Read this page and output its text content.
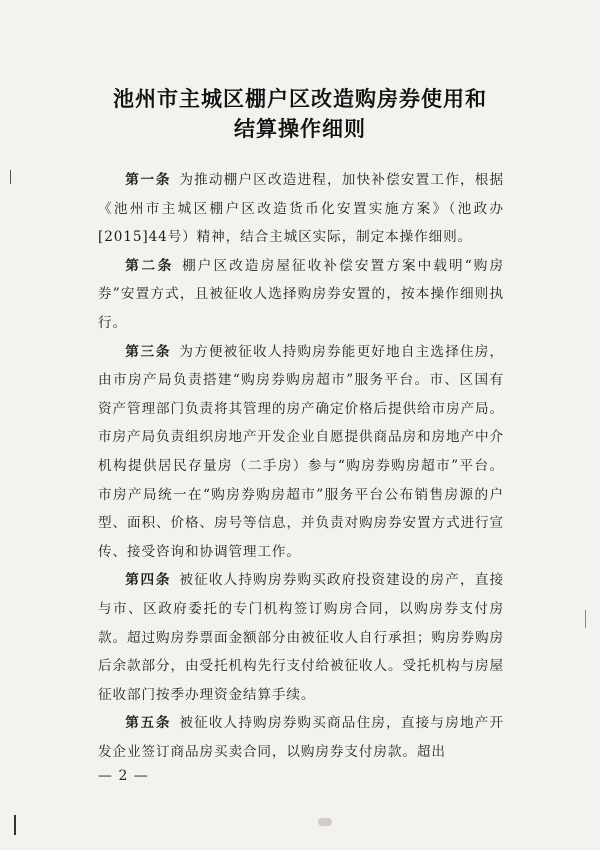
池州市主城区棚户区改造购房券使用和
结算操作细则

第一条 为推动棚户区改造进程，加快补偿安置工作，根据《池州市主城区棚户区改造货币化安置实施方案》（池政办[2015]44号）精神，结合主城区实际，制定本操作细则。

第二条 棚户区改造房屋征收补偿安置方案中载明“购房券”安置方式，且被征收人选择购房券安置的，按本操作细则执行。

第三条 为方便被征收人持购房券能更好地自主选择住房，由市房产局负责搭建“购房券购房超市”服务平台。市、区国有资产管理部门负责将其管理的房产确定价格后提供给市房产局。市房产局负责组织房地产开发企业自愿提供商品房和房地产中介机构提供居民存量房（二手房）参与“购房券购房超市”平台。市房产局统一在“购房券购房超市”服务平台公布销售房源的户型、面积、价格、房号等信息，并负责对购房券安置方式进行宣传、接受咨询和协调管理工作。

第四条 被征收人持购房券购买政府投资建设的房产，直接与市、区政府委托的专门机构签订购房合同，以购房券支付房款。超过购房券票面金额部分由被征收人自行承担；购房券购房后余款部分，由受托机构先行支付给被征收人。受托机构与房屋征收部门按季办理资金结算手续。

第五条 被征收人持购房券购买商品住房，直接与房地产开发企业签订商品房买卖合同，以购房券支付房款。超出

— 2 —
